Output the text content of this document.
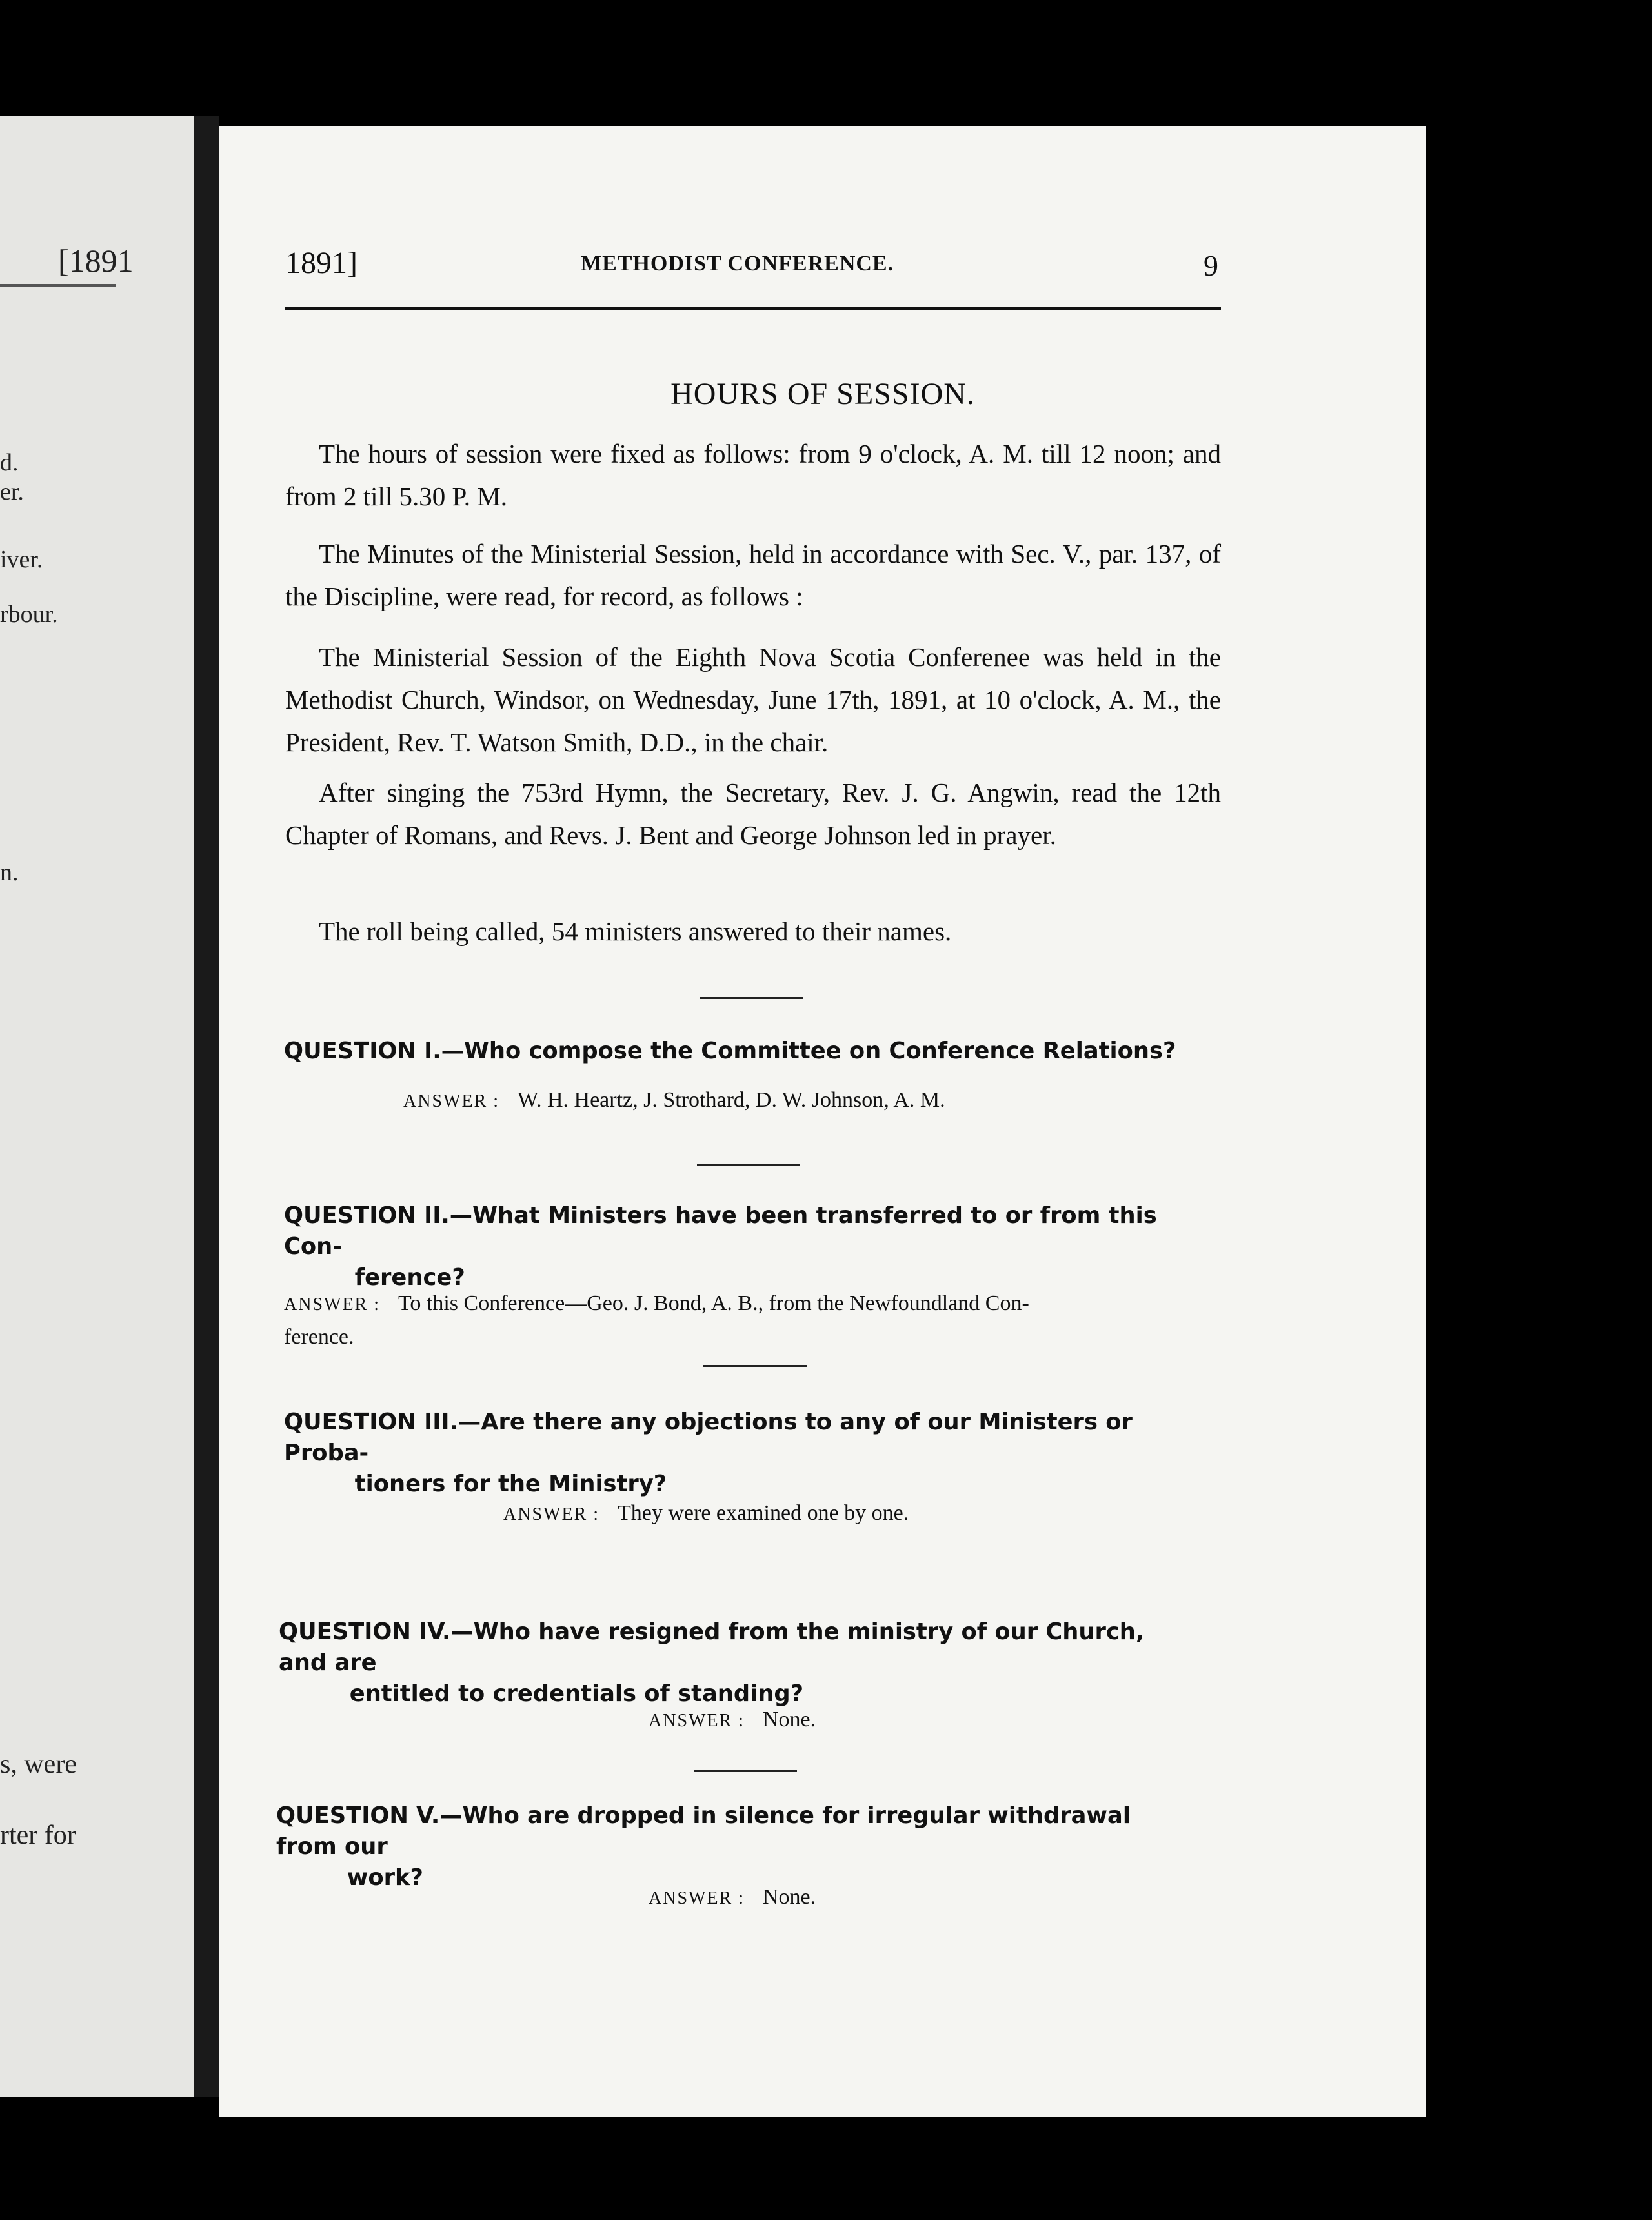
[1891
d.
er.
iver.
rbour.
n.
s, were
rter for
1891]	METHODIST CONFERENCE.	9
HOURS OF SESSION.
The hours of session were fixed as follows: from 9 o'clock, A. M. till 12 noon; and from 2 till 5.30 P. M.
The Minutes of the Ministerial Session, held in accordance with Sec. V., par. 137, of the Discipline, were read, for record, as follows :
The Ministerial Session of the Eighth Nova Scotia Conferenee was held in the Methodist Church, Windsor, on Wednesday, June 17th, 1891, at 10 o'clock, A. M., the President, Rev. T. Watson Smith, D.D., in the chair.
After singing the 753rd Hymn, the Secretary, Rev. J. G. Angwin, read the 12th Chapter of Romans, and Revs. J. Bent and George Johnson led in prayer.
The roll being called, 54 ministers answered to their names.
QUESTION I.—Who compose the Committee on Conference Relations?
ANSWER : W. H. Heartz, J. Strothard, D. W. Johnson, A. M.
QUESTION II.—What Ministers have been transferred to or from this Con-
ference?
ANSWER : To this Conference—Geo. J. Bond, A. B., from the Newfoundland Con-
ference.
QUESTION III.—Are there any objections to any of our Ministers or Proba-
tioners for the Ministry?
ANSWER : They were examined one by one.
QUESTION IV.—Who have resigned from the ministry of our Church, and are
entitled to credentials of standing?
ANSWER : None.
QUESTION V.—Who are dropped in silence for irregular withdrawal from our
work?
ANSWER : None.
